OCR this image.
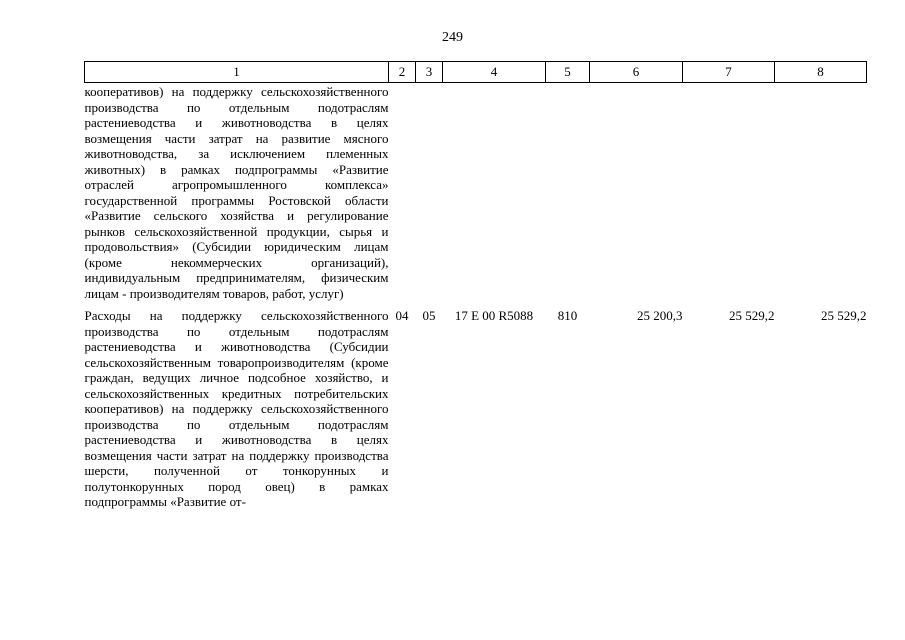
249
1	2	3	4	5	6	7	8
кооперативов) на поддержку сельскохозяйственного производства по отдельным подотраслям растениеводства и животноводства в целях возмещения части затрат на развитие мясного животноводства, за исключением племенных животных) в рамках подпрограммы «Развитие отраслей агропромышленного комплекса» государственной программы Ростовской области «Развитие сельского хозяйства и регулирование рынков сельскохозяйственной продукции, сырья и продовольствия» (Субсидии юридическим лицам (кроме некоммерческих организаций), индивидуальным предпринимателям, физическим лицам - производителям товаров, работ, услуг)							
Расходы на поддержку сельскохозяйственного производства по отдельным подотраслям растениеводства и животноводства (Субсидии сельскохозяйственным товаропроизводителям (кроме граждан, ведущих личное подсобное хозяйство, и сельскохозяйственных кредитных потребительских кооперативов) на поддержку сельскохозяйственного производства по отдельным подотраслям растениеводства и животноводства в целях возмещения части затрат на поддержку производства шерсти, полученной от тонкорунных и полутонкорунных пород овец) в рамках подпрограммы «Развитие от-	04	05	17 Е 00 R5088	810	25 200,3	25 529,2	25 529,2
